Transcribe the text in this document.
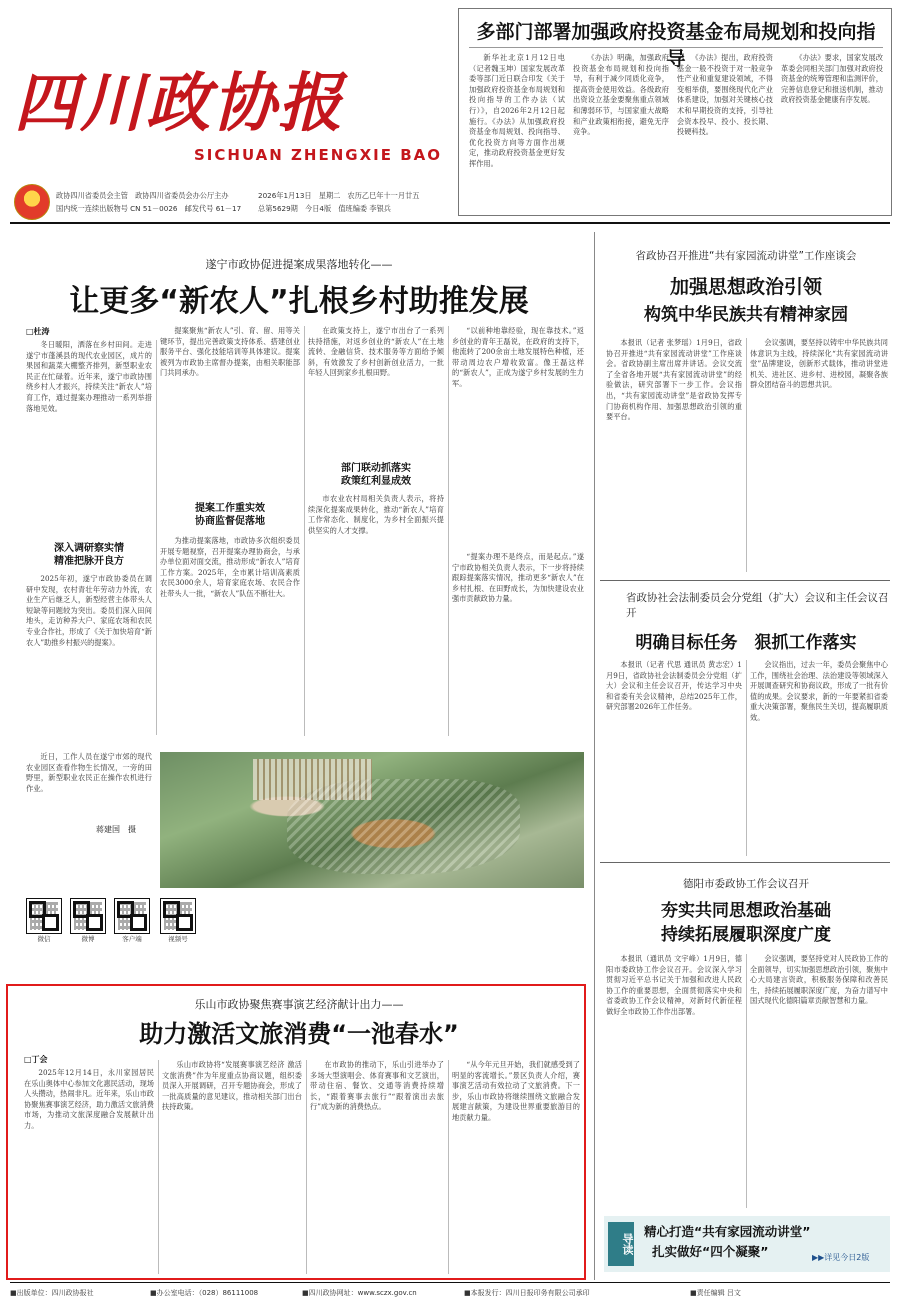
四川政协报
SICHUAN ZHENGXIE BAO
政协四川省委员会主管　政协四川省委员会办公厅主办
国内统一连续出版物号 CN 51－0026　邮发代号 61－17
2026年1月13日　星期二　农历乙巳年十一月廿五
总第5629期　今日4版　值班编委 李银兵
多部门部署加强政府投资基金布局规划和投向指导
新华社北京1月12日电（记者魏玉坤）国家发展改革委等部门近日联合印发《关于加强政府投资基金布局规划和投向指导的工作办法（试行）》，自2026年2月12日起施行。《办法》从加强政府投资基金布局规划、投向指导、优化投资方向等方面作出规定，推动政府投资基金更好发挥作用。
《办法》明确，加强政府投资基金布局规划和投向指导，有利于减少同质化竞争，提高资金使用效益。各级政府出资设立基金要聚焦重点领域和薄弱环节，与国家重大战略和产业政策相衔接，避免无序竞争。
《办法》提出，政府投资基金一般不投资于对一般竞争性产业和重复建设领域，不得变相举债，要围绕现代化产业体系建设，加强对关键核心技术和早期投资的支持，引导社会资本投早、投小、投长期、投硬科技。
《办法》要求，国家发展改革委会同相关部门加强对政府投资基金的统筹管理和监测评价，完善信息登记和报送机制，推动政府投资基金健康有序发展。
遂宁市政协促进提案成果落地转化——
让更多“新农人”扎根乡村助推发展
□杜涛
冬日暖阳，洒落在乡村田间。走进遂宁市蓬溪县的现代农业园区，成片的果园和蔬菜大棚整齐排列，新型职业农民正在忙碌着。近年来，遂宁市政协围绕乡村人才振兴，持续关注“新农人”培育工作，通过提案办理推动一系列举措落地见效。
深入调研察实情
精准把脉开良方
2025年初，遂宁市政协委员在调研中发现，农村青壮年劳动力外流，农业生产后继乏人，新型经营主体带头人短缺等问题较为突出。委员们深入田间地头，走访种养大户、家庭农场和农民专业合作社，形成了《关于加快培育“新农人”助推乡村振兴的提案》。
提案聚焦“新农人”引、育、留、用等关键环节，提出完善政策支持体系、搭建创业服务平台、强化技能培训等具体建议。提案被列为市政协主席督办提案，由相关职能部门共同承办。
提案工作重实效
协商监督促落地
为推动提案落地，市政协多次组织委员开展专题视察，召开提案办理协商会，与承办单位面对面交流，推动形成“新农人”培育工作方案。2025年，全市累计培训高素质农民3000余人，培育家庭农场、农民合作社带头人一批，“新农人”队伍不断壮大。
在政策支持上，遂宁市出台了一系列扶持措施，对返乡创业的“新农人”在土地流转、金融信贷、技术服务等方面给予倾斜，有效激发了乡村创新创业活力，一批年轻人回到家乡扎根田野。
部门联动抓落实
政策红利显成效
市农业农村局相关负责人表示，将持续深化提案成果转化，推动“新农人”培育工作常态化、制度化，为乡村全面振兴提供坚实的人才支撑。
“以前种地靠经验，现在靠技术。”返乡创业的青年王磊说，在政府的支持下，他流转了200余亩土地发展特色种植，还带动周边农户增收致富。像王磊这样的“新农人”，正成为遂宁乡村发展的生力军。
“提案办理不是终点，而是起点。”遂宁市政协相关负责人表示，下一步将持续跟踪提案落实情况，推动更多“新农人”在乡村扎根、在田野成长，为加快建设农业强市贡献政协力量。
近日，工作人员在遂宁市郊的现代农业园区查看作物生长情况，一旁的田野里，新型职业农民正在操作农机进行作业。
蒋建国　摄
微信	微博	客户端	视频号
乐山市政协聚焦赛事演艺经济献计出力——
助力激活文旅消费“一池春水”
□丁会
2025年12月14日，永川家园居民在乐山奥体中心参加文化惠民活动，现场人头攒动，热闹非凡。近年来，乐山市政协聚焦赛事演艺经济，助力激活文旅消费市场，为推动文旅深度融合发展献计出力。
乐山市政协将“发展赛事演艺经济 激活文旅消费”作为年度重点协商议题，组织委员深入开展调研，召开专题协商会，形成了一批高质量的意见建议，推动相关部门出台扶持政策。
在市政协的推动下，乐山引进举办了多场大型演唱会、体育赛事和文艺演出，带动住宿、餐饮、交通等消费持续增长，“跟着赛事去旅行”“跟着演出去旅行”成为新的消费热点。
“从今年元旦开始，我们就感受到了明显的客流增长。”景区负责人介绍，赛事演艺活动有效拉动了文旅消费。下一步，乐山市政协将继续围绕文旅融合发展建言献策，为建设世界重要旅游目的地贡献力量。
省政协召开推进“共有家园流动讲堂”工作座谈会
加强思想政治引领
构筑中华民族共有精神家园
本报讯（记者 张梦瑶）1月9日，省政协召开推进“共有家园流动讲堂”工作座谈会。省政协副主席出席并讲话。会议交流了全省各地开展“共有家园流动讲堂”的经验做法，研究部署下一步工作。会议指出，“共有家园流动讲堂”是省政协发挥专门协商机构作用、加强思想政治引领的重要平台。
会议强调，要坚持以铸牢中华民族共同体意识为主线，持续深化“共有家园流动讲堂”品牌建设，创新形式载体，推动讲堂进机关、进社区、进乡村、进校园，凝聚各族群众团结奋斗的思想共识。
省政协社会法制委员会分党组（扩大）会议和主任会议召开
明确目标任务　狠抓工作落实
本报讯（记者 代思 通讯员 黄志宏）1月9日，省政协社会法制委员会分党组（扩大）会议和主任会议召开，传达学习中央和省委有关会议精神，总结2025年工作，研究部署2026年工作任务。
会议指出，过去一年，委员会聚焦中心工作，围绕社会治理、法治建设等领域深入开展调查研究和协商议政，形成了一批有价值的成果。会议要求，新的一年要紧扣省委重大决策部署，聚焦民生关切，提高履职质效。
德阳市委政协工作会议召开
夯实共同思想政治基础
持续拓展履职深度广度
本报讯（通讯员 文宇峰）1月9日，德阳市委政协工作会议召开。会议深入学习贯彻习近平总书记关于加强和改进人民政协工作的重要思想，全面贯彻落实中央和省委政协工作会议精神，对新时代新征程做好全市政协工作作出部署。
会议强调，要坚持党对人民政协工作的全面领导，切实加强思想政治引领，聚焦中心大局建言资政，积极服务保障和改善民生，持续拓展履职深度广度，为奋力谱写中国式现代化德阳篇章贡献智慧和力量。
导读
精心打造“共有家园流动讲堂”
扎实做好“四个凝聚”	▶▶详见今日2版
■出版单位：四川政协报社	■办公室电话：（028）86111008	■四川政协网址：www.sczx.gov.cn	■本报发行：四川日报印务有限公司承印	■责任编辑 吕文
